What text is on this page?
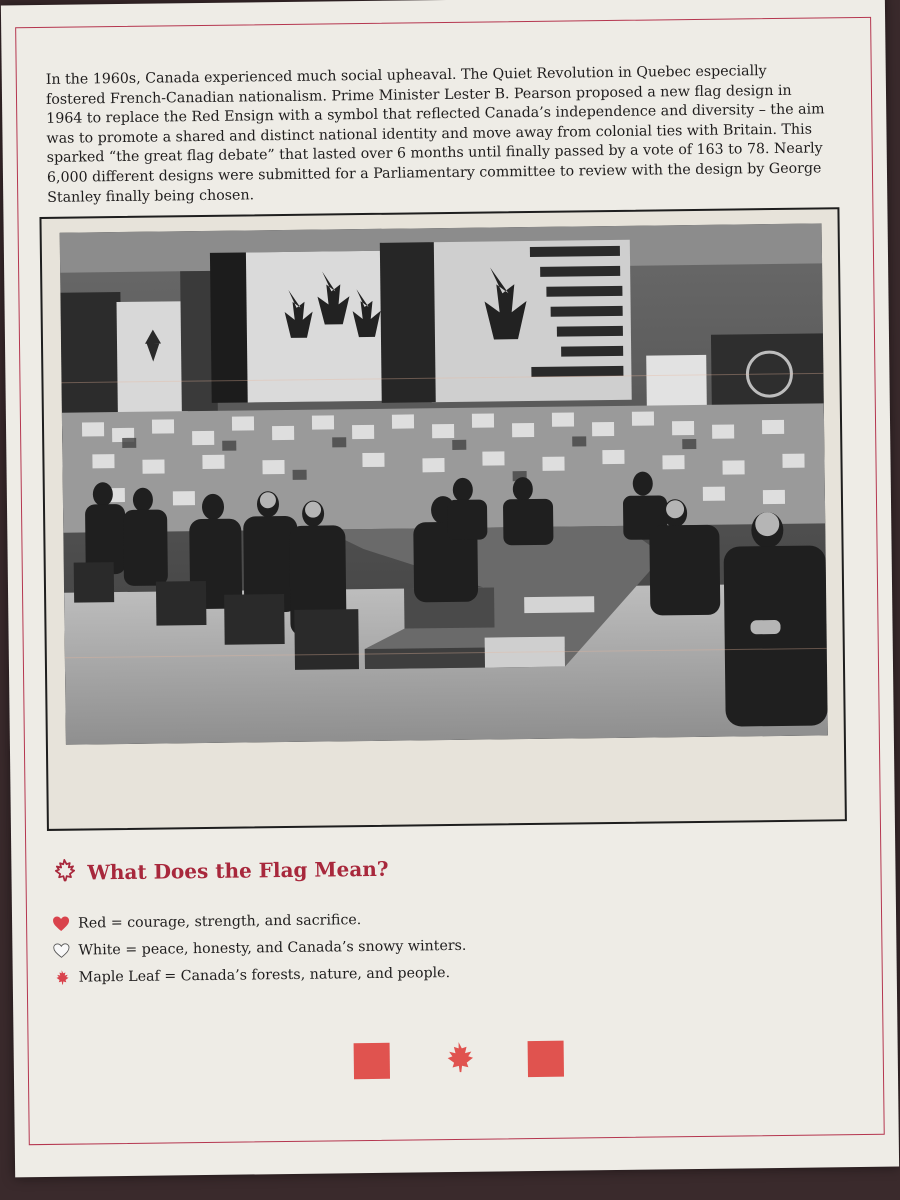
In the 1960s, Canada experienced much social upheaval. The Quiet Revolution in Quebec especially fostered French-Canadian nationalism. Prime Minister Lester B. Pearson proposed a new flag design in 1964 to replace the Red Ensign with a symbol that reflected Canada’s independence and diversity – the aim was to promote a shared and distinct national identity and move away from colonial ties with Britain. This sparked “the great flag debate” that lasted over 6 months until finally passed by a vote of 163 to 78. Nearly 6,000 different designs were submitted for a Parliamentary committee to review with the design by George Stanley finally being chosen.

What Does the Flag Mean?
Red = courage, strength, and sacrifice.
White = peace, honesty, and Canada’s snowy winters.
Maple Leaf = Canada’s forests, nature, and people.
